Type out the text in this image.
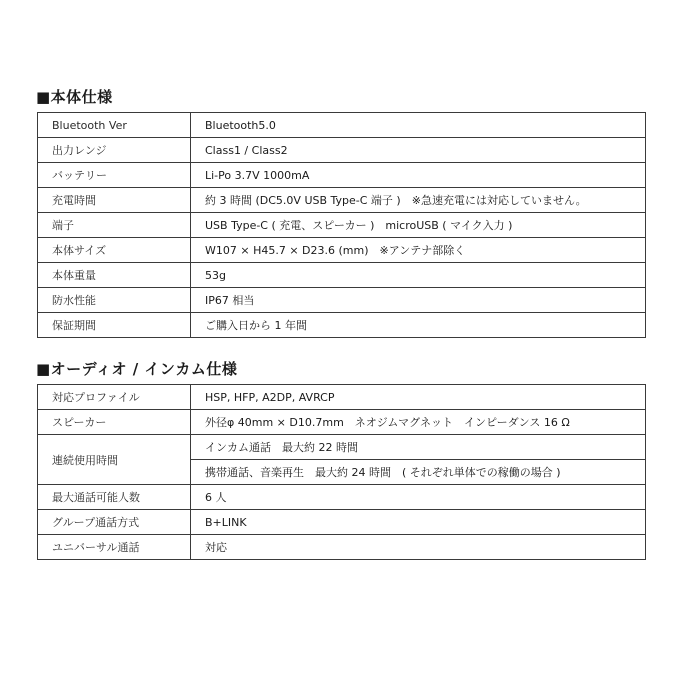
■本体仕様
Bluetooth Ver	Bluetooth5.0
出力レンジ	Class1 / Class2
バッテリー	Li-Po 3.7V 1000mA
充電時間	約 3 時間 (DC5.0V USB Type-C 端子 )　※急速充電には対応していません。
端子	USB Type-C ( 充電、スピーカー )　microUSB ( マイク入力 )
本体サイズ	W107 × H45.7 × D23.6 (mm)　※アンテナ部除く
本体重量	53g
防水性能	IP67 相当
保証期間	ご購入日から 1 年間
■オーディオ / インカム仕様
対応プロファイル	HSP, HFP, A2DP, AVRCP
スピーカー	外径φ 40mm × D10.7mm　ネオジムマグネット　インピーダンス 16 Ω
連続使用時間	インカム通話　最大約 22 時間
	携帯通話、音楽再生　最大約 24 時間　( それぞれ単体での稼働の場合 )
最大通話可能人数	6 人
グループ通話方式	B+LINK
ユニバーサル通話	対応
